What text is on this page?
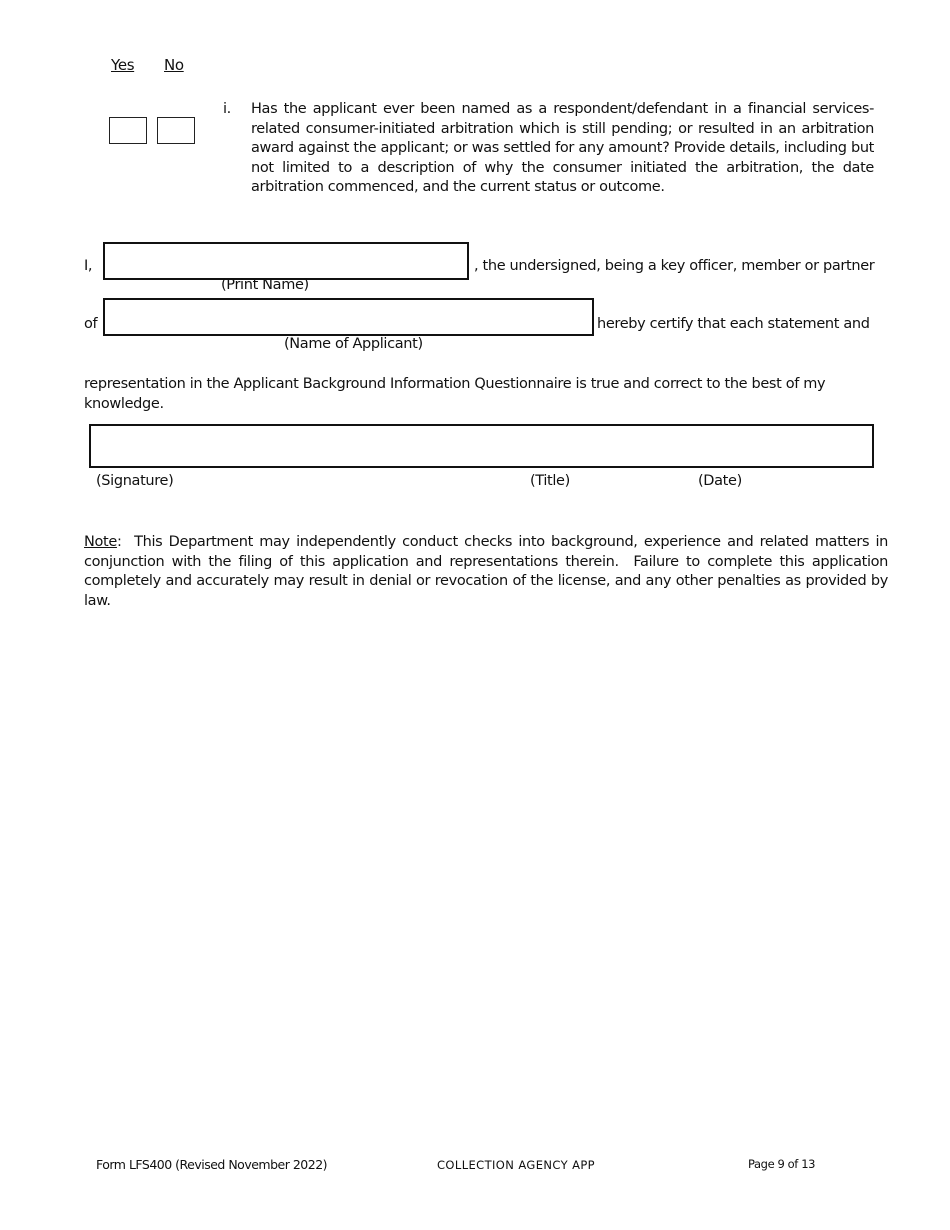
Yes No
i. Has the applicant ever been named as a respondent/defendant in a financial services-related consumer-initiated arbitration which is still pending; or resulted in an arbitration award against the applicant; or was settled for any amount? Provide details, including but not limited to a description of why the consumer initiated the arbitration, the date arbitration commenced, and the current status or outcome.
I,	, the undersigned, being a key officer, member or partner
(Print Name)
of	hereby certify that each statement and
(Name of Applicant)
representation in the Applicant Background Information Questionnaire is true and correct to the best of my knowledge.
(Signature)	(Title)	(Date)
Note:  This Department may independently conduct checks into background, experience and related matters in conjunction with the filing of this application and representations therein.  Failure to complete this application completely and accurately may result in denial or revocation of the license, and any other penalties as provided by law.
Form LFS400 (Revised November 2022)	COLLECTION AGENCY APP	Page 9 of 13
